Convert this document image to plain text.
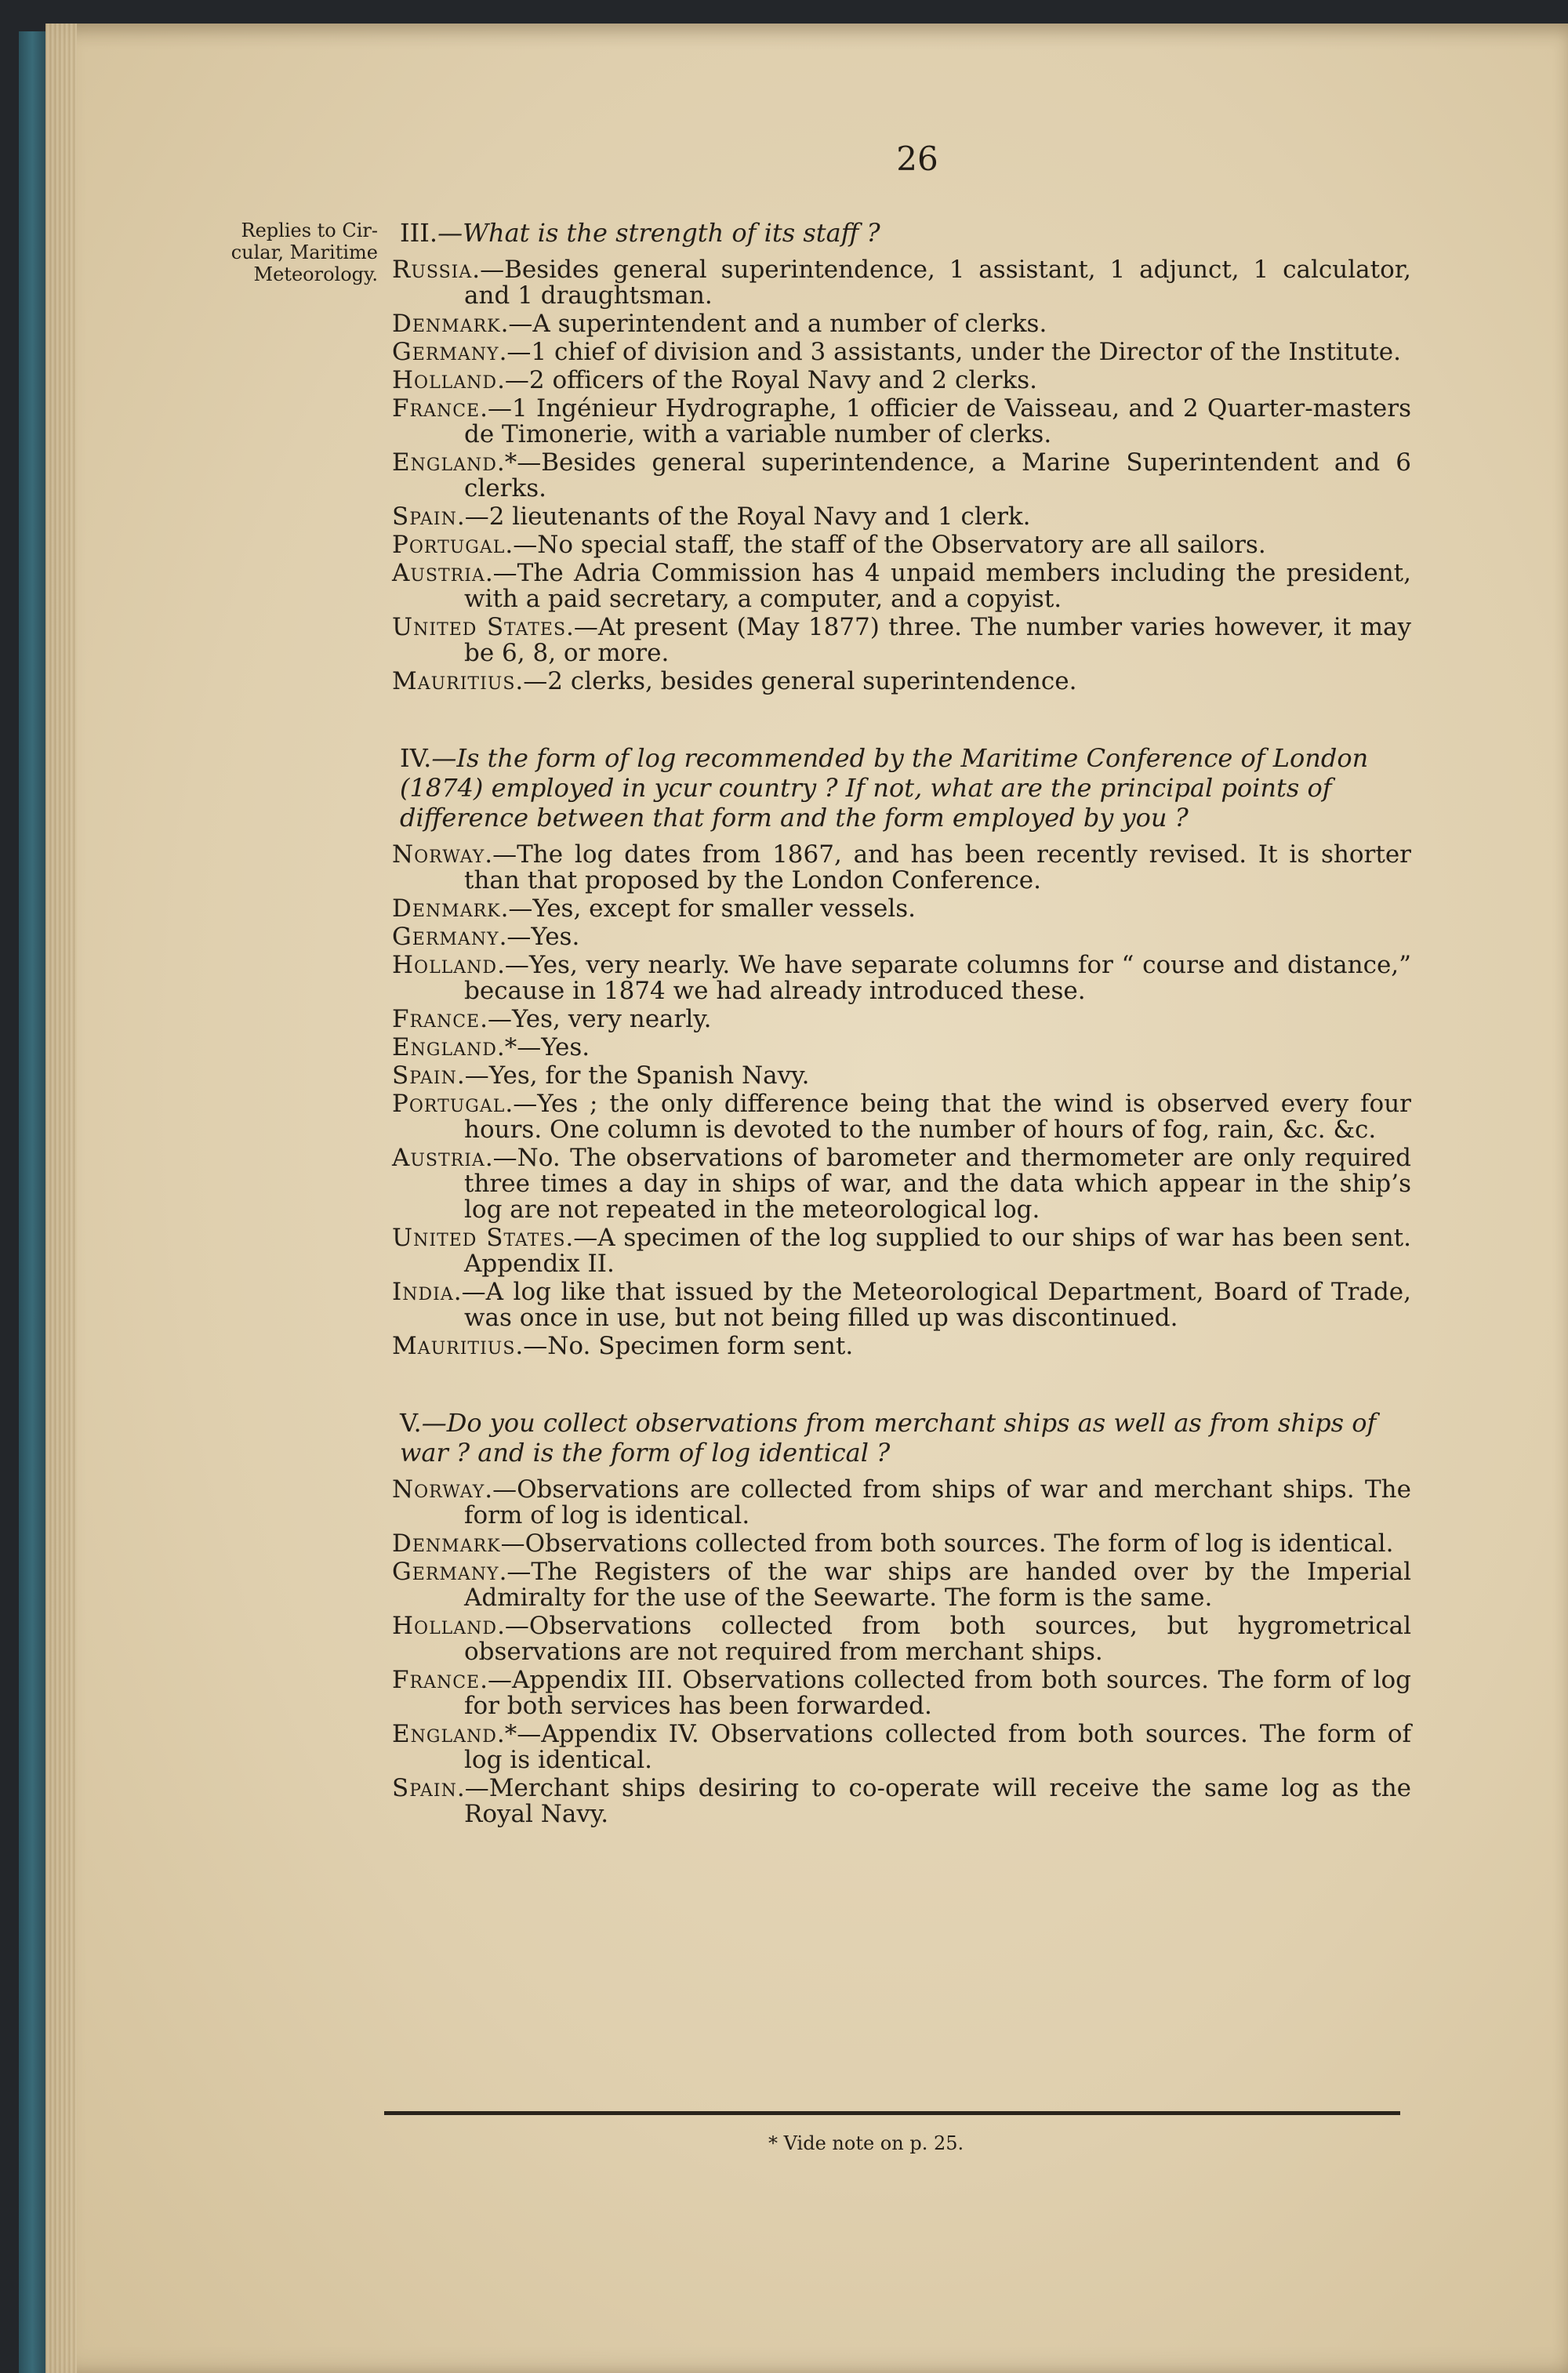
26
Replies to Cir-
cular, Maritime
Meteorology.

III.—What is the strength of its staff ?

Russia.—Besides general superintendence, 1 assistant, 1 adjunct, 1 calculator, and 1 draughtsman.

Denmark.—A superintendent and a number of clerks.

Germany.—1 chief of division and 3 assistants, under the Director of the Institute.

Holland.—2 officers of the Royal Navy and 2 clerks.

France.—1 Ingénieur Hydrographe, 1 officier de Vaisseau, and 2 Quarter-masters de Timonerie, with a variable number of clerks.

England.*—Besides general superintendence, a Marine Superintendent and 6 clerks.

Spain.—2 lieutenants of the Royal Navy and 1 clerk.

Portugal.—No special staff, the staff of the Observatory are all sailors.

Austria.—The Adria Commission has 4 unpaid members including the president, with a paid secretary, a computer, and a copyist.

United States.—At present (May 1877) three. The number varies however, it may be 6, 8, or more.

Mauritius.—2 clerks, besides general superintendence.

IV.—Is the form of log recommended by the Maritime Conference of London (1874) employed in ycur country ? If not, what are the principal points of difference between that form and the form employed by you ?

Norway.—The log dates from 1867, and has been recently revised. It is shorter than that proposed by the London Conference.

Denmark.—Yes, except for smaller vessels.

Germany.—Yes.

Holland.—Yes, very nearly. We have separate columns for “ course and distance,” because in 1874 we had already introduced these.

France.—Yes, very nearly.

England.*—Yes.

Spain.—Yes, for the Spanish Navy.

Portugal.—Yes ; the only difference being that the wind is observed every four hours. One column is devoted to the number of hours of fog, rain, &c. &c.

Austria.—No. The observations of barometer and thermometer are only required three times a day in ships of war, and the data which appear in the ship’s log are not repeated in the meteorological log.

United States.—A specimen of the log supplied to our ships of war has been sent. Appendix II.

India.—A log like that issued by the Meteorological Department, Board of Trade, was once in use, but not being filled up was discontinued.

Mauritius.—No. Specimen form sent.

V.—Do you collect observations from merchant ships as well as from ships of war ? and is the form of log identical ?

Norway.—Observations are collected from ships of war and merchant ships. The form of log is identical.

Denmark—Observations collected from both sources. The form of log is identical.

Germany.—The Registers of the war ships are handed over by the Imperial Admiralty for the use of the Seewarte. The form is the same.

Holland.—Observations collected from both sources, but hygrometrical observations are not required from merchant ships.

France.—Appendix III. Observations collected from both sources. The form of log for both services has been forwarded.

England.*—Appendix IV. Observations collected from both sources. The form of log is identical.

Spain.—Merchant ships desiring to co-operate will receive the same log as the Royal Navy.

* Vide note on p. 25.
